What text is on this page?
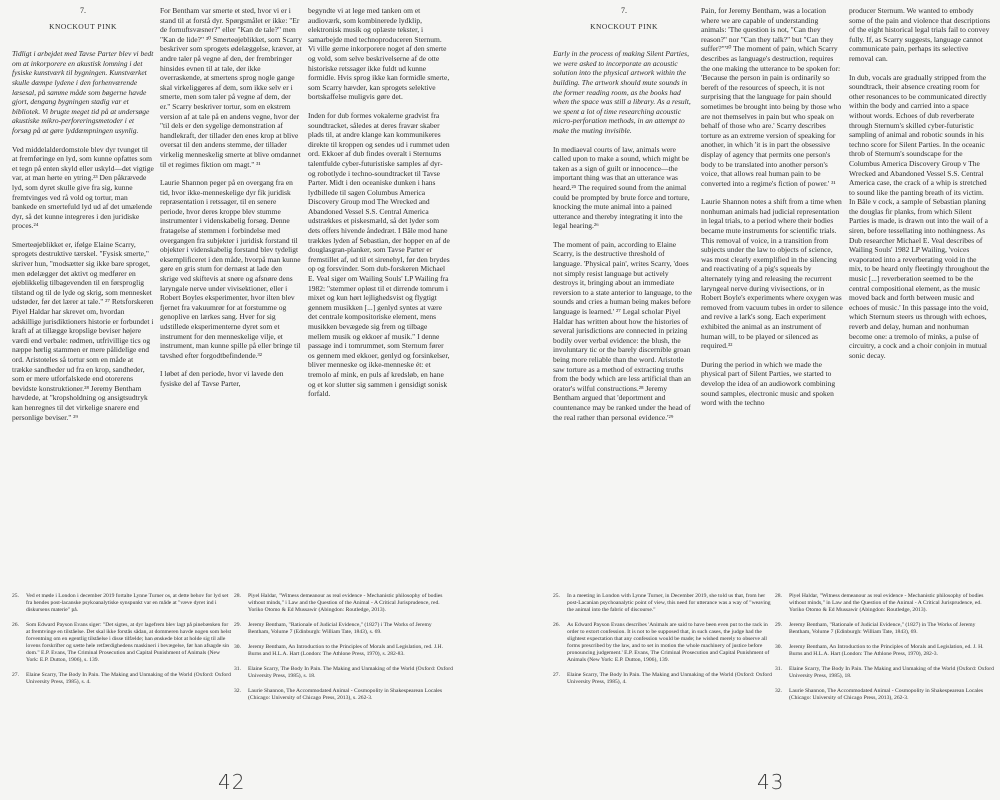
7.
KNOCKOUT PINK

Tidligt i arbejdet med Tavse Parter blev vi bedt om at inkorporere en akustisk lomning i det fysiske kunstværk til bygningen. Kunstværket skulle dæmpe lydene i den forhenværende læsesal, på samme måde som bøgerne havde gjort, dengang bygningen stadig var et bibliotek. Vi brugte meget tid på at undersøge akustiske mikro-perforeringsmetoder i et forsøg på at gøre lyddæmpningen usynlig.

Ved middelalderdomstole blev dyr tvunget til at fremføringe en lyd, som kunne opfattes som et tegn på enten skyld eller uskyld—det vigtige var, at man hørte en ytring.²³ Den påkrævede lyd, som dyret skulle give fra sig, kunne fremtvinges ved rå vold og tortur, man bankede en smertefuld lyd ud af det umælende dyr, så det kunne integreres i den juridiske proces.²⁴

Smerteøjeblikket er, ifølge Elaine Scarry, sprogets destruktive tærskel. "Fysisk smerte," skriver hun, "modsætter sig ikke bare sproget, men ødelægger det aktivt og medfører en øjeblikkelig tilbagevenden til en førsproglig tilstand og til de lyde og skrig, som mennesket udstøder, før det lærer at tale." ²⁷ Retsforskeren Piyel Haldar har skrevet om, hvordan adskillige jurisdiktioners historie er forbundet i kraft af at tillægge kropslige beviser højere værdi end verbale: rødmen, utfrivillige tics og næppe hørlig stammen er mere pålidelige end ord. Aristoteles så tortur som en måde at trække sandheder ud fra en krop, sandheder, som er mere utforfalskede end otorerens bevidste konstruktioner.²⁸ Jeremy Bentham hævdede, at "kropsholdning og ansigtsudtryk kan henregnes til det virkelige snarere end personlige beviser." ²⁹

For Bentham var smerte et sted, hvor vi er i stand til at forstå dyr. Spørgsmålet er ikke: "Er de fornuftsvæsner?" eller "Kan de tale?" men "Kan de lide?" ³⁰ Smerteøjeblikket, som Scarry beskriver som sprogets ødelæggelse, kræver, at andre taler på vegne af den, der frembringer hinsides evnen til at tale, der ikke overraskende, at smertens sprog nogle gange skal virkeliggøres af dem, som ikke selv er i smerte, men som taler på vegne af dem, der er." Scarry beskriver tortur, som en ekstrem version af at tale på en andens vegne, hvor der "til dels er den sygelige demonstration af handlekraft, der tillader den enes krop at blive oversat til den andens stemme, der tillader virkelig menneskelig smerte at blive omdannet til et regimes fiktion om magt." ³¹

Laurie Shannon peger på en overgang fra en tid, hvor ikke-menneskelige dyr fik juridisk repræsentation i retssager, til en senere periode, hvor deres kroppe blev stumme instrumenter i videnskabelig forsøg. Denne fratagelse af stemmen i forbindelse med overgangen fra subjekter i juridisk forstand til objekter i videnskabelig forstand blev tydeligt eksemplificeret i den måde, hvorpå man kunne gøre en gris stum for dernæst at lade den skrige ved skiftevis at snøre og afsnøre dens laryngale nerve under vivisektioner, eller i Robert Boyles eksperimenter, hvor ilten blev fjernet fra vakuumrør for at forstumme og genoplive en lærkes sang. Hver for sig udstillede eksperimenterne dyret som et instrument for den menneskelige vilje, et instrument, man kunne spille på eller bringe til tavshed efter forgodtbefindende.³²

I løbet af den periode, hvor vi lavede den fysiske del af Tavse Parter,

begyndte vi at lege med tanken om et audioværk, som kombinerede lydklip, elektronisk musik og oplæste tekster, i samarbejde med technoproduceren Sternum. Vi ville gerne inkorporere noget af den smerte og vold, som selve beskrivelserne af de otte historiske retssager ikke fuldt ud kunne formidle. Hvis sprog ikke kan formidle smerte, som Scarry hævder, kan sprogets selektive bortskaffelse muligvis gøre det.

Inden for dub formes vokalerne gradvist fra soundtracket, således at deres fravær skaber plads til, at andre klange kan kommunikeres direkte til kroppen og sendes ud i rummet uden ord. Ekkoer af dub findes overalt i Sternums talentfulde cyber-futuristiske samples af dyr- og robotlyde i techno-soundtracket til Tavse Parter. Midt i den oceaniske dunken i hans lydbillede til sagen Columbus America Discovery Group mod The Wrecked and Abandoned Vessel S.S. Central America udstrækkes et piskesmæld, så det lyder som dets offers hivende åndedræt. I Bâle mod hane trækkes lyden af Sebastian, der hopper en af de douglasgran-planker, som Tavse Parter er fremstillet af, ud til et sirenehyl, før den brydes op og forsvinder. Som dub-forskeren Michael E. Veal siger om Wailing Souls' LP Wailing fra 1982: "stemmer opløst til et dirrende tomrum i mixet og kun hørt lejlighedsvist og flygtigt gennem musikken [...] genlyd syntes at være det centrale kompositoriske element, mens musikken bevægede sig frem og tilbage mellem musik og ekkoer af musik." I denne passage ind i tomrummet, som Sternum fører os gennem med ekkoer, genlyd og forsinkelser, bliver menneske og ikke-menneske ét: et tremolo af mink, en puls af kredsløb, en hane og et kor slutter sig sammen i gensidigt sonisk forfald.

25. Ved et møde i London i december 2019 fortalte Lynne Turner os, at dette behov for lyd set fra hendes post-lacanske psykoanalytiske synspunkt var en måde at "væve dyret ind i diskursens materie" på.
26. Som Edward Payson Evans siger: "Det sigtes, at dyr lagefrem blev lagt på pinebænken for at fremtvinge en tilståelse. Det skal ikke forstås sådan, at dommeren havde nogen som helst forventning om en egentlig tilståelse i disse tilfælde; han ønskede blot at holde sig til alle lovens forskrifter og sætte hele retfærdighedens maskineri i bevægelse, før han afsagde sin dom." E.P. Evans, The Criminal Prosecution and Capital Punishment of Animals (New York: E.P. Dutton, 1906), s. 139.
27. Elaine Scarry, The Body In Pain. The Making and Unmaking of the World (Oxford: Oxford University Press, 1985), s. 4.
28. Piyel Haldar, "Witness demeanour as real evidence - Mechanistic philosophy of bodies without minds," i Law and the Question of the Animal - A Critical Jurisprudence, red. Yoriko Otomo & Ed Mussawir (Abingdon: Routledge, 2013).
29. Jeremy Bentham, "Rationale of Judicial Evidence," (1827) i The Works of Jeremy Bentham, Volume 7 (Edinburgh: William Tate, 1843), s. 69.
30. Jeremy Bentham, An Introduction to the Principles of Morals and Legislation, red. J.H. Burns and H.L.A. Hart (London: The Athlone Press, 1970), s. 282-83.
31. Elaine Scarry, The Body In Pain. The Making and Unmaking of the World (Oxford: Oxford University Press, 1985), s. 18.
32. Laurie Shannon, The Accommodated Animal - Cosmopolity in Shakespearean Locales (Chicago: University of Chicago Press, 2013), s. 262-3.
42
7.
KNOCKOUT PINK

Early in the process of making Silent Parties, we were asked to incorporate an acoustic solution into the physical artwork within the building. The artwork should mute sounds in the former reading room, as the books had when the space was still a library. As a result, we spent a lot of time researching acoustic micro-perforation methods, in an attempt to make the muting invisible.

In mediaeval courts of law, animals were called upon to make a sound, which might be taken as a sign of guilt or innocence—the important thing was that an utterance was heard.²⁵ The required sound from the animal could be prompted by brute force and torture, knocking the mute animal into a pained utterance and thereby integrating it into the legal hearing.²⁶

The moment of pain, according to Elaine Scarry, is the destructive threshold of language. 'Physical pain', writes Scarry, 'does not simply resist language but actively destroys it, bringing about an immediate reversion to a state anterior to language, to the sounds and cries a human being makes before language is learned.' ²⁷ Legal scholar Piyel Haldar has written about how the histories of several jurisdictions are connected in prizing bodily over verbal evidence: the blush, the involuntary tic or the barely discernible groan being more reliable than the word. Aristotle saw torture as a method of extracting truths from the body which are less artificial than an orator's wilful constructions.²⁸ Jeremy Bentham argued that 'deportment and countenance may be ranked under the head of the real rather than personal evidence.'²⁹

Pain, for Jeremy Bentham, was a location where we are capable of understanding animals: 'The question is not, "Can they reason?" nor "Can they talk?" but "Can they suffer?"'³⁰ The moment of pain, which Scarry describes as language's destruction, requires the one making the utterance to be spoken for: 'Because the person in pain is ordinarily so bereft of the resources of speech, it is not surprising that the language for pain should sometimes be brought into being by those who are not themselves in pain but who speak on behalf of those who are.' Scarry describes torture as an extreme version of speaking for another, in which 'it is in part the obsessive display of agency that permits one person's body to be translated into another person's voice, that allows real human pain to be converted into a regime's fiction of power.' ³¹

Laurie Shannon notes a shift from a time when nonhuman animals had judicial representation in legal trials, to a period where their bodies became mute instruments for scientific trials. This removal of voice, in a transition from subjects under the law to objects of science, was most clearly exemplified in the silencing and reactivating of a pig's squeals by alternately tying and releasing the recurrent laryngeal nerve during vivisections, or in Robert Boyle's experiments where oxygen was removed from vacuum tubes in order to silence and revive a lark's song. Each experiment exhibited the animal as an instrument of human will, to be played or silenced as required.³²

During the period in which we made the physical part of Silent Parties, we started to develop the idea of an audiowork combining sound samples, electronic music and spoken word with the techno

producer Sternum. We wanted to embody some of the pain and violence that descriptions of the eight historical legal trials fail to convey fully. If, as Scarry suggests, language cannot communicate pain, perhaps its selective removal can.

In dub, vocals are gradually stripped from the soundtrack, their absence creating room for other resonances to be communicated directly within the body and carried into a space without words. Echoes of dub reverberate through Sternum's skilled cyber-futuristic sampling of animal and robotic sounds in his techno score for Silent Parties. In the oceanic throb of Sternum's soundscape for the Columbus America Discovery Group v The Wrecked and Abandoned Vessel S.S. Central America case, the crack of a whip is stretched to sound like the panting breath of its victim. In Bâle v cock, a sample of Sebastian planing the douglas fir planks, from which Silent Parties is made, is drawn out into the wail of a siren, before tessellating into nothingness. As Dub researcher Michael E. Veal describes of Wailing Souls' 1982 LP Wailing, 'voices evaporated into a reverberating void in the mix, to be heard only fleetingly throughout the music [...] reverberation seemed to be the central compositional element, as the music moved back and forth between music and echoes of music.' In this passage into the void, which Sternum steers us through with echoes, reverb and delay, human and nonhuman become one: a tremolo of minks, a pulse of circuitry, a cock and a choir conjoin in mutual sonic decay.

25. In a meeting in London with Lynne Turner, in December 2019, she told us that, from her post-Lacanian psychoanalytic point of view, this need for utterance was a way of "weaving the animal into the fabric of discourse."
26. As Edward Payson Evans describes 'Animals are said to have been even put to the rack in order to extort confession. It is not to be supposed that, in such cases, the judge had the slightest expectation that any confession would be made; he wished merely to observe all forms prescribed by the law, and to set in motion the whole machinery of justice before pronouncing judgement.' E.P. Evans, The Criminal Prosecution and Capital Punishment of Animals (New York: E.P. Dutton, 1906), 139.
27. Elaine Scarry, The Body In Pain. The Making and Unmaking of the World (Oxford: Oxford University Press, 1985), 4.
28. Piyel Haldar, "Witness demeanour as real evidence - Mechanistic philosophy of bodies without minds," in Law and the Question of the Animal - A Critical Jurisprudence, ed. Yoriko Otomo & Ed Mussawir (Abingdon: Routledge, 2013).
29. Jeremy Bentham, "Rationale of Judicial Evidence," (1827) in The Works of Jeremy Bentham, Volume 7 (Edinburgh: William Tate, 1843), 69.
30. Jeremy Bentham, An Introduction to the Principles of Morals and Legislation, ed. J. H. Burns and H.L.A. Hart (London: The Athlone Press, 1970), 282-3.
31. Elaine Scarry, The Body In Pain. The Making and Unmaking of the World (Oxford: Oxford University Press, 1985), 18.
32. Laurie Shannon, The Accommodated Animal - Cosmopolity in Shakespearean Locales (Chicago: University of Chicago Press, 2013), 262-3.
43
